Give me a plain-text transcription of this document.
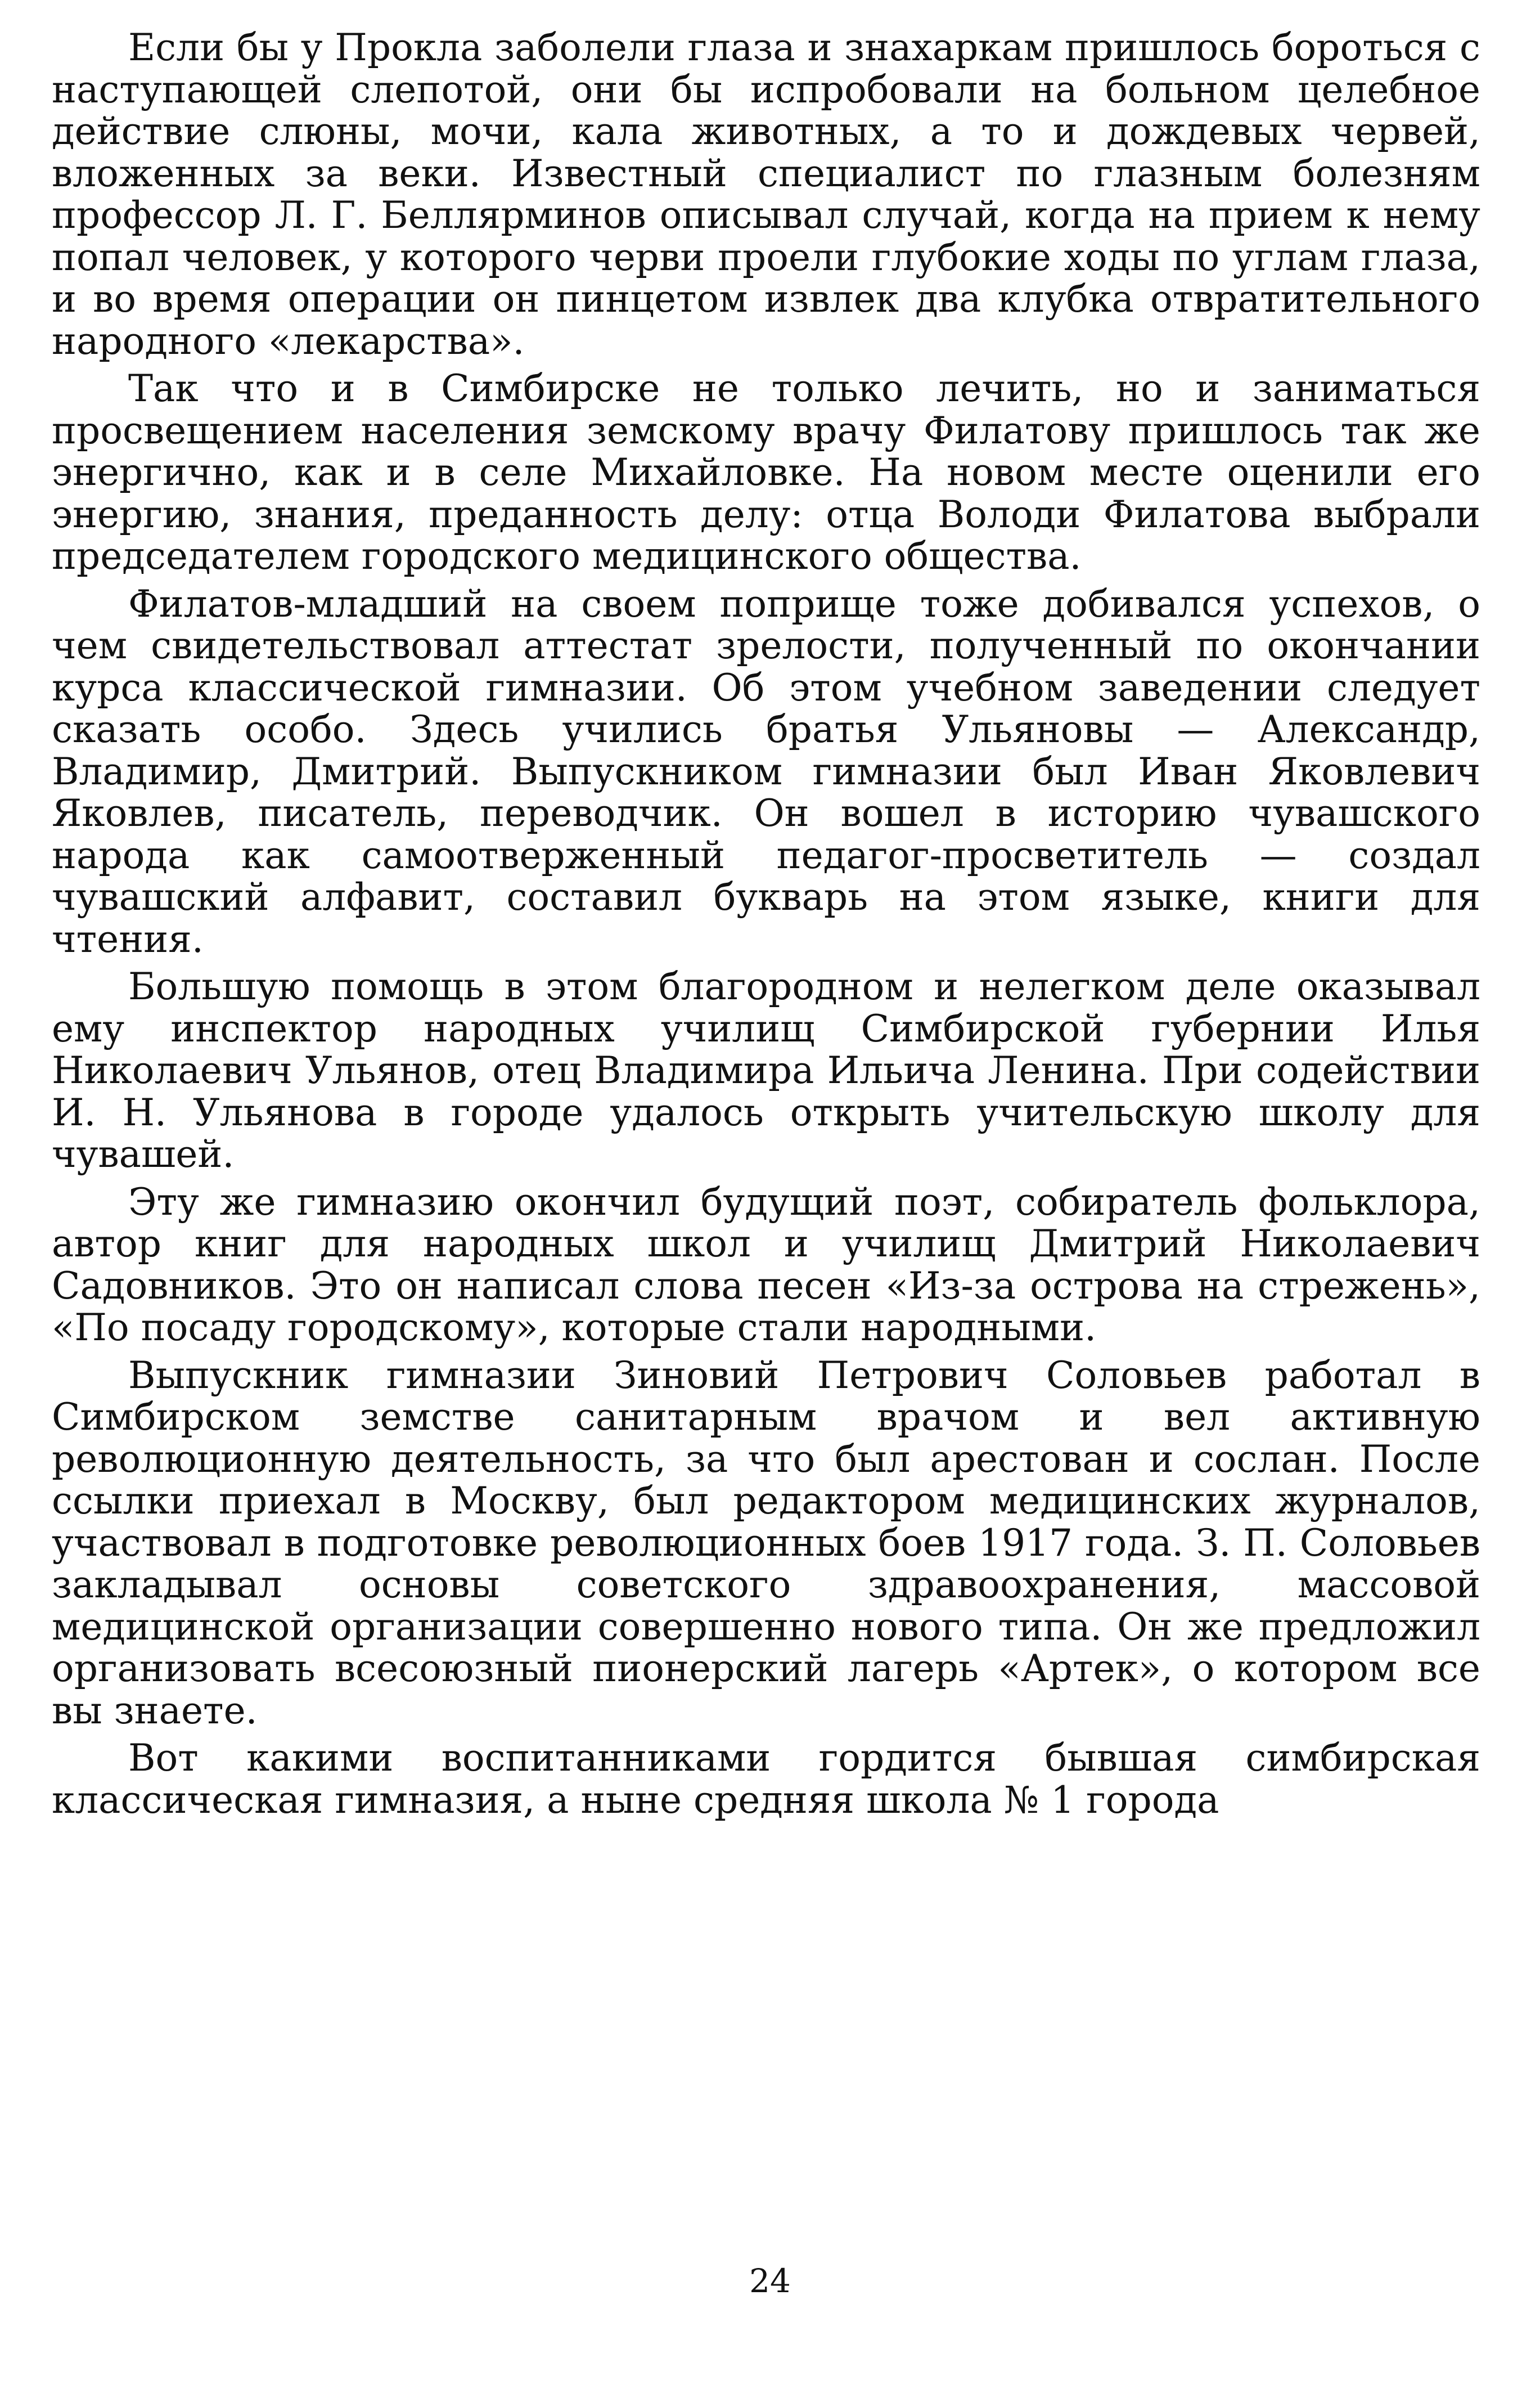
Если бы у Прокла заболели глаза и знахаркам пришлось бороться с наступающей слепотой, они бы испробовали на больном целебное действие слюны, мочи, кала животных, а то и дождевых червей, вложенных за веки. Известный специалист по глазным болезням профессор Л. Г. Беллярминов описывал случай, когда на прием к нему попал человек, у которого черви проели глубокие ходы по углам глаза, и во время операции он пинцетом извлек два клубка отвратительного народного «лекарства».

Так что и в Симбирске не только лечить, но и заниматься просвещением населения земскому врачу Филатову пришлось так же энергично, как и в селе Михайловке. На новом месте оценили его энергию, знания, преданность делу: отца Володи Филатова выбрали председателем городского медицинского общества.

Филатов-младший на своем поприще тоже добивался успехов, о чем свидетельствовал аттестат зрелости, полученный по окончании курса классической гимназии. Об этом учебном заведении следует сказать особо. Здесь учились братья Ульяновы — Александр, Владимир, Дмитрий. Выпускником гимназии был Иван Яковлевич Яковлев, писатель, переводчик. Он вошел в историю чувашского народа как самоотверженный педагог-просветитель — создал чувашский алфавит, составил букварь на этом языке, книги для чтения.

Большую помощь в этом благородном и нелегком деле оказывал ему инспектор народных училищ Симбирской губернии Илья Николаевич Ульянов, отец Владимира Ильича Ленина. При содействии И. Н. Ульянова в городе удалось открыть учительскую школу для чувашей.

Эту же гимназию окончил будущий поэт, собиратель фольклора, автор книг для народных школ и училищ Дмитрий Николаевич Садовников. Это он написал слова песен «Из-за острова на стрежень», «По посаду городскому», которые стали народными.

Выпускник гимназии Зиновий Петрович Соловьев работал в Симбирском земстве санитарным врачом и вел активную революционную деятельность, за что был арестован и сослан. После ссылки приехал в Москву, был редактором медицинских журналов, участвовал в подготовке революционных боев 1917 года. З. П. Соловьев закладывал основы советского здравоохранения, массовой медицинской организации совершенно нового типа. Он же предложил организовать всесоюзный пионерский лагерь «Артек», о котором все вы знаете.

Вот какими воспитанниками гордится бывшая симбирская классическая гимназия, а ныне средняя школа № 1 города

24
